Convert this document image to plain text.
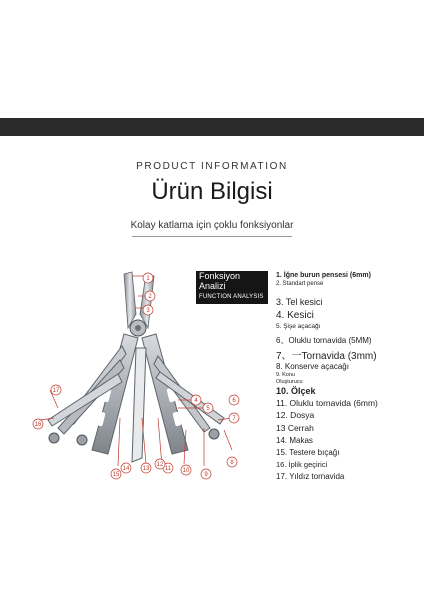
PRODUCT INFORMATION
Ürün Bilgisi
Kolay katlama için çoklu fonksiyonlar
1
2
3
4
5
6
7
8
9
10
11
12
13
14
15
16
17
Fonksiyon
Analizi
FUNCTION ANALYSIS
1. İğne burun pensesi (6mm)
2. Standart pense
3. Tel kesici
4. Kesici
5. Şişe açacağı
6、Oluklu tornavida (5MM)
7、一Tornavida (3mm)
8. Konserve açacağı
9. Konu Oluşturucu
10. Ölçek
11. Oluklu tornavida (6mm)
12. Dosya
13 Cerrah
14. Makas
15. Testere bıçağı
16. İplik geçirici
17. Yıldız tornavida
